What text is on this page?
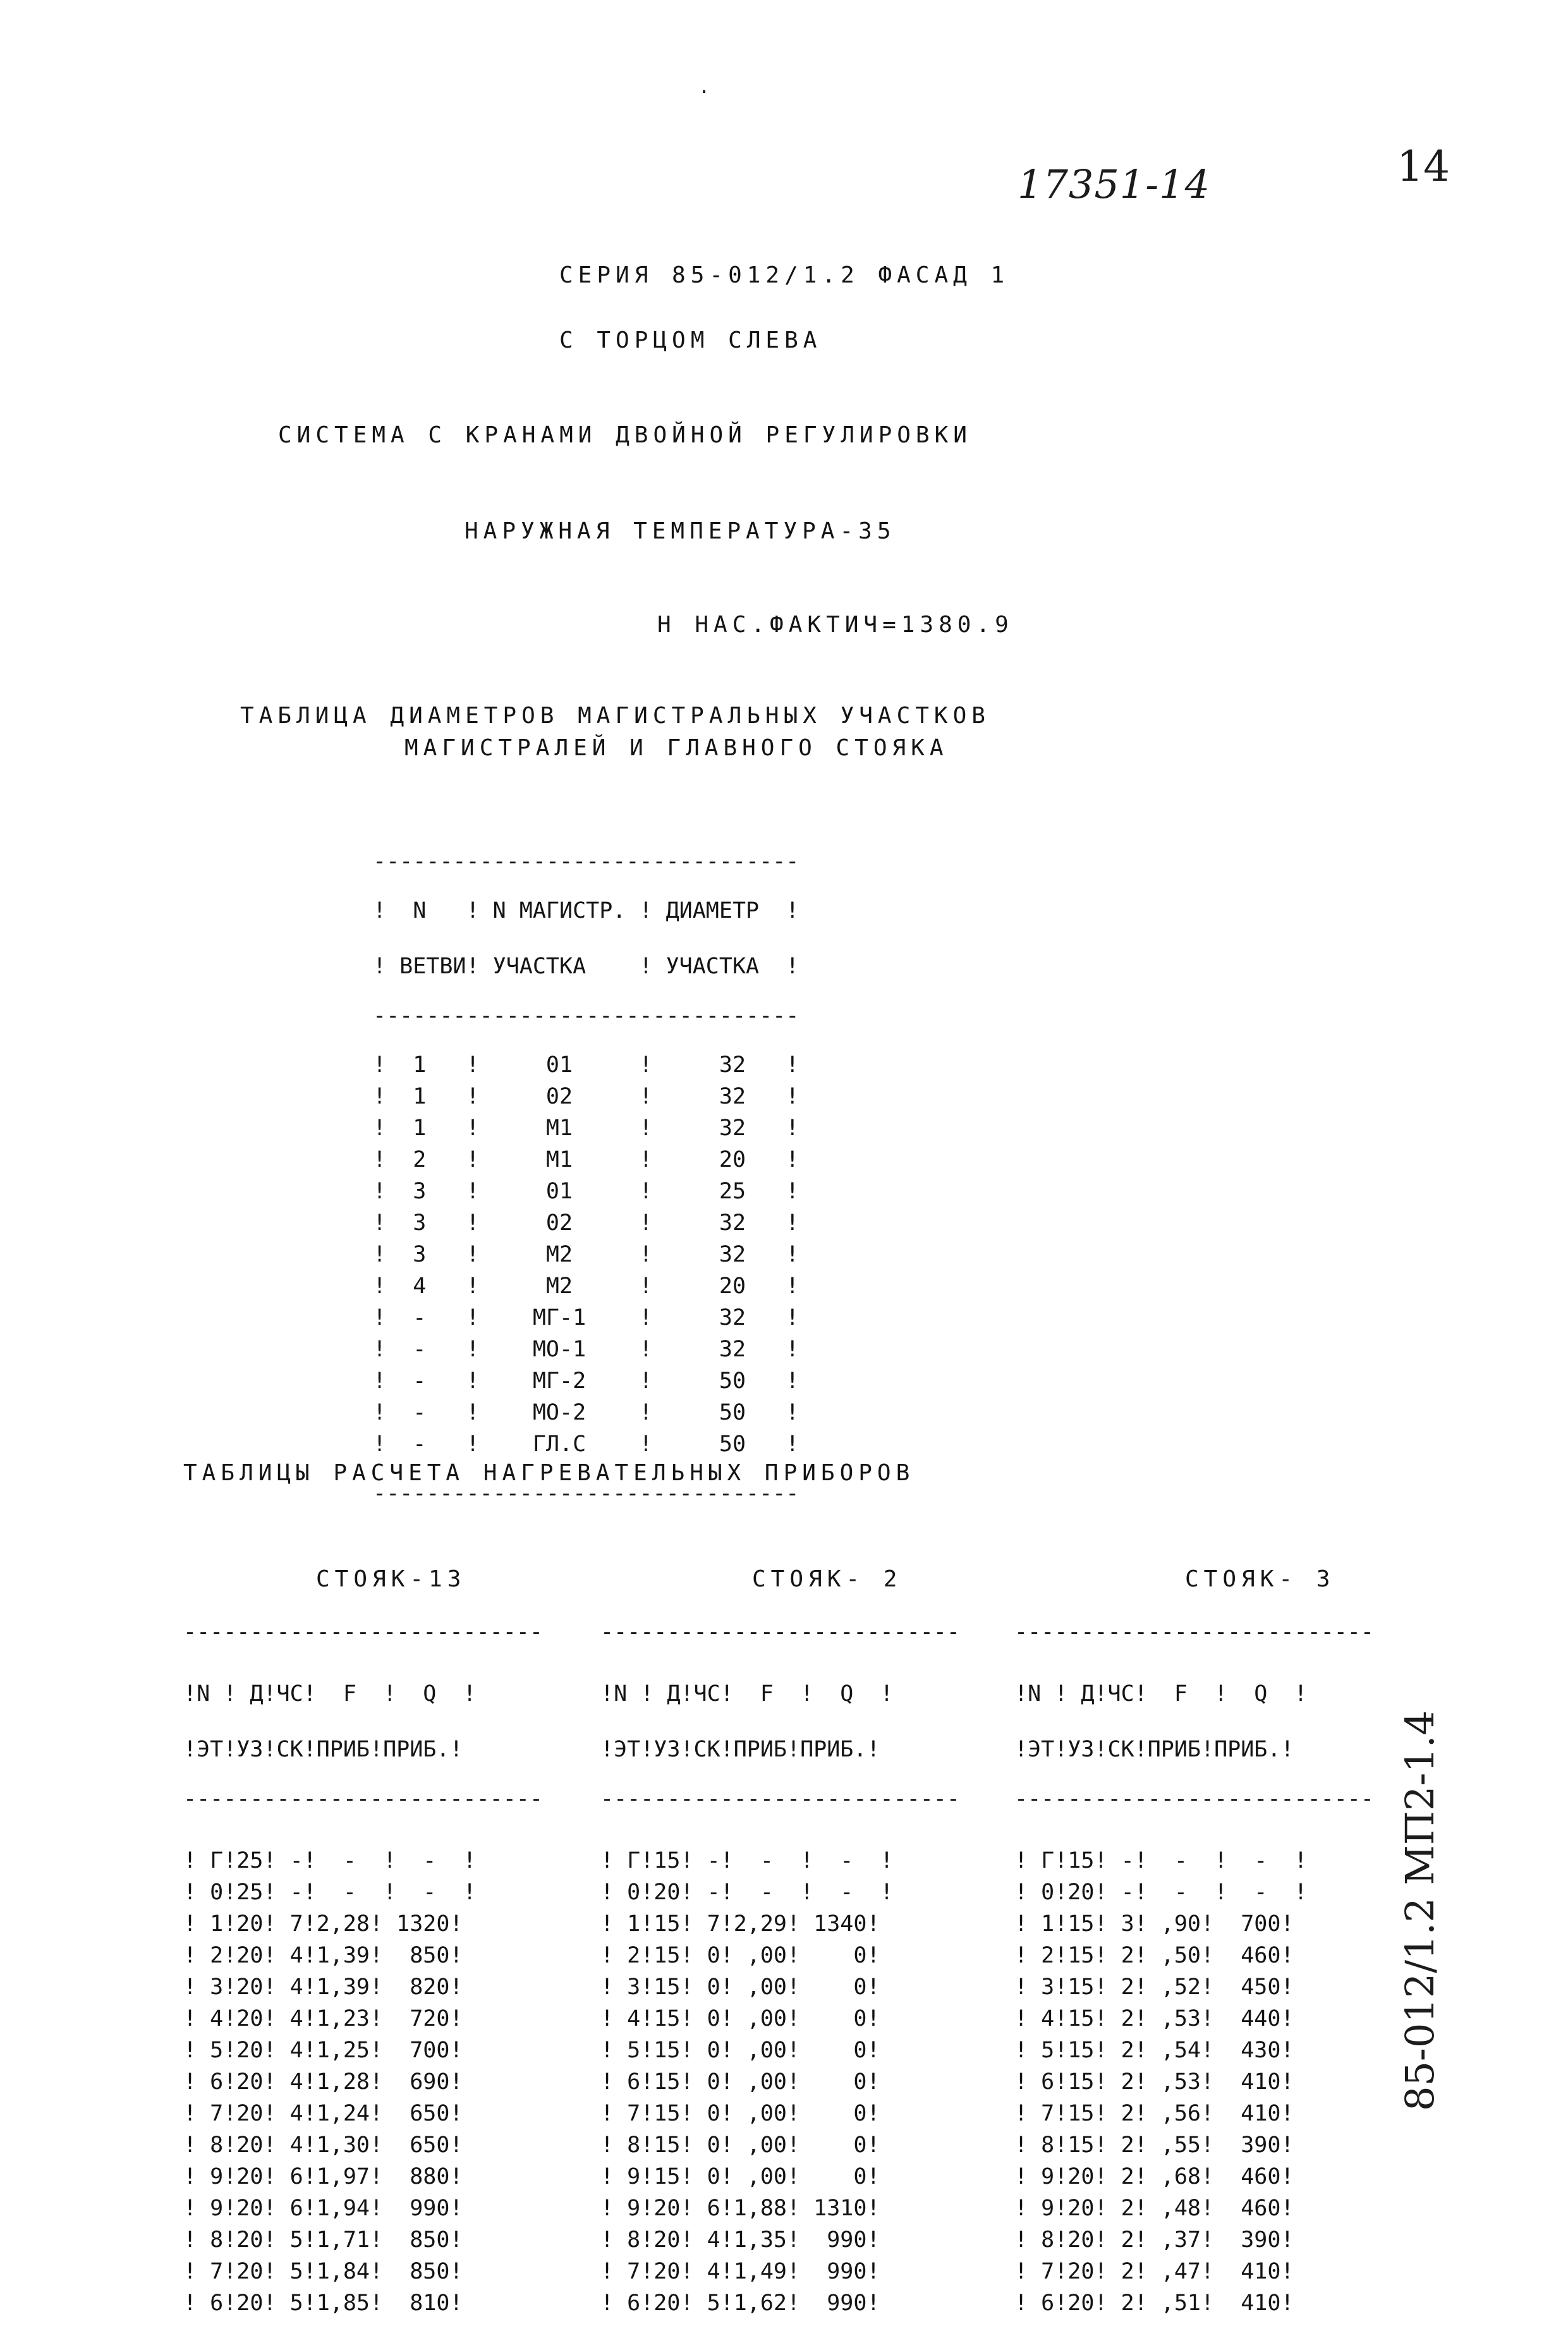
.
17351-14	14
85-012/1.2 МП2-1.4
СЕРИЯ 85-012/1.2 ФАСАД 1
С ТОРЦОМ СЛЕВА
СИСТЕМА С КРАНАМИ ДВОЙНОЙ РЕГУЛИРОВКИ
НАРУЖНАЯ ТЕМПЕРАТУРА-35
Н НАС.ФАКТИЧ=1380.9
ТАБЛИЦА ДИАМЕТРОВ МАГИСТРАЛЬНЫХ УЧАСТКОВ
МАГИСТРАЛЕЙ И ГЛАВНОГО СТОЯКА

--------------------------------

!  N   ! N МАГИСТР. ! ДИАМЕТР  !

! ВЕТВИ! УЧАСТКА    ! УЧАСТКА  !

--------------------------------

!  1   !     01     !     32   !
!  1   !     02     !     32   !
!  1   !     М1     !     32   !
!  2   !     М1     !     20   !
!  3   !     01     !     25   !
!  3   !     02     !     32   !
!  3   !     М2     !     32   !
!  4   !     М2     !     20   !
!  -   !    МГ-1    !     32   !
!  -   !    МО-1    !     32   !
!  -   !    МГ-2    !     50   !
!  -   !    МО-2    !     50   !
!  -   !    ГЛ.С    !     50   !

--------------------------------

ТАБЛИЦЫ РАСЧЕТА НАГРЕВАТЕЛЬНЫХ ПРИБОРОВ

СТОЯК-13

---------------------------

!N ! Д!ЧС!  F  !  Q  !

!ЭТ!УЗ!СК!ПРИБ!ПРИБ.!

---------------------------

! Г!25! -!  -  !  -  !
! 0!25! -!  -  !  -  !
! 1!20! 7!2,28! 1320!
! 2!20! 4!1,39!  850!
! 3!20! 4!1,39!  820!
! 4!20! 4!1,23!  720!
! 5!20! 4!1,25!  700!
! 6!20! 4!1,28!  690!
! 7!20! 4!1,24!  650!
! 8!20! 4!1,30!  650!
! 9!20! 6!1,97!  880!
! 9!20! 6!1,94!  990!
! 8!20! 5!1,71!  850!
! 7!20! 5!1,84!  850!
! 6!20! 5!1,85!  810!

СТОЯК- 2

---------------------------

!N ! Д!ЧС!  F  !  Q  !

!ЭТ!УЗ!СК!ПРИБ!ПРИБ.!

---------------------------

! Г!15! -!  -  !  -  !
! 0!20! -!  -  !  -  !
! 1!15! 7!2,29! 1340!
! 2!15! 0! ,00!    0!
! 3!15! 0! ,00!    0!
! 4!15! 0! ,00!    0!
! 5!15! 0! ,00!    0!
! 6!15! 0! ,00!    0!
! 7!15! 0! ,00!    0!
! 8!15! 0! ,00!    0!
! 9!15! 0! ,00!    0!
! 9!20! 6!1,88! 1310!
! 8!20! 4!1,35!  990!
! 7!20! 4!1,49!  990!
! 6!20! 5!1,62!  990!

СТОЯК- 3

---------------------------

!N ! Д!ЧС!  F  !  Q  !

!ЭТ!УЗ!СК!ПРИБ!ПРИБ.!

---------------------------

! Г!15! -!  -  !  -  !
! 0!20! -!  -  !  -  !
! 1!15! 3! ,90!  700!
! 2!15! 2! ,50!  460!
! 3!15! 2! ,52!  450!
! 4!15! 2! ,53!  440!
! 5!15! 2! ,54!  430!
! 6!15! 2! ,53!  410!
! 7!15! 2! ,56!  410!
! 8!15! 2! ,55!  390!
! 9!20! 2! ,68!  460!
! 9!20! 2! ,48!  460!
! 8!20! 2! ,37!  390!
! 7!20! 2! ,47!  410!
! 6!20! 2! ,51!  410!
